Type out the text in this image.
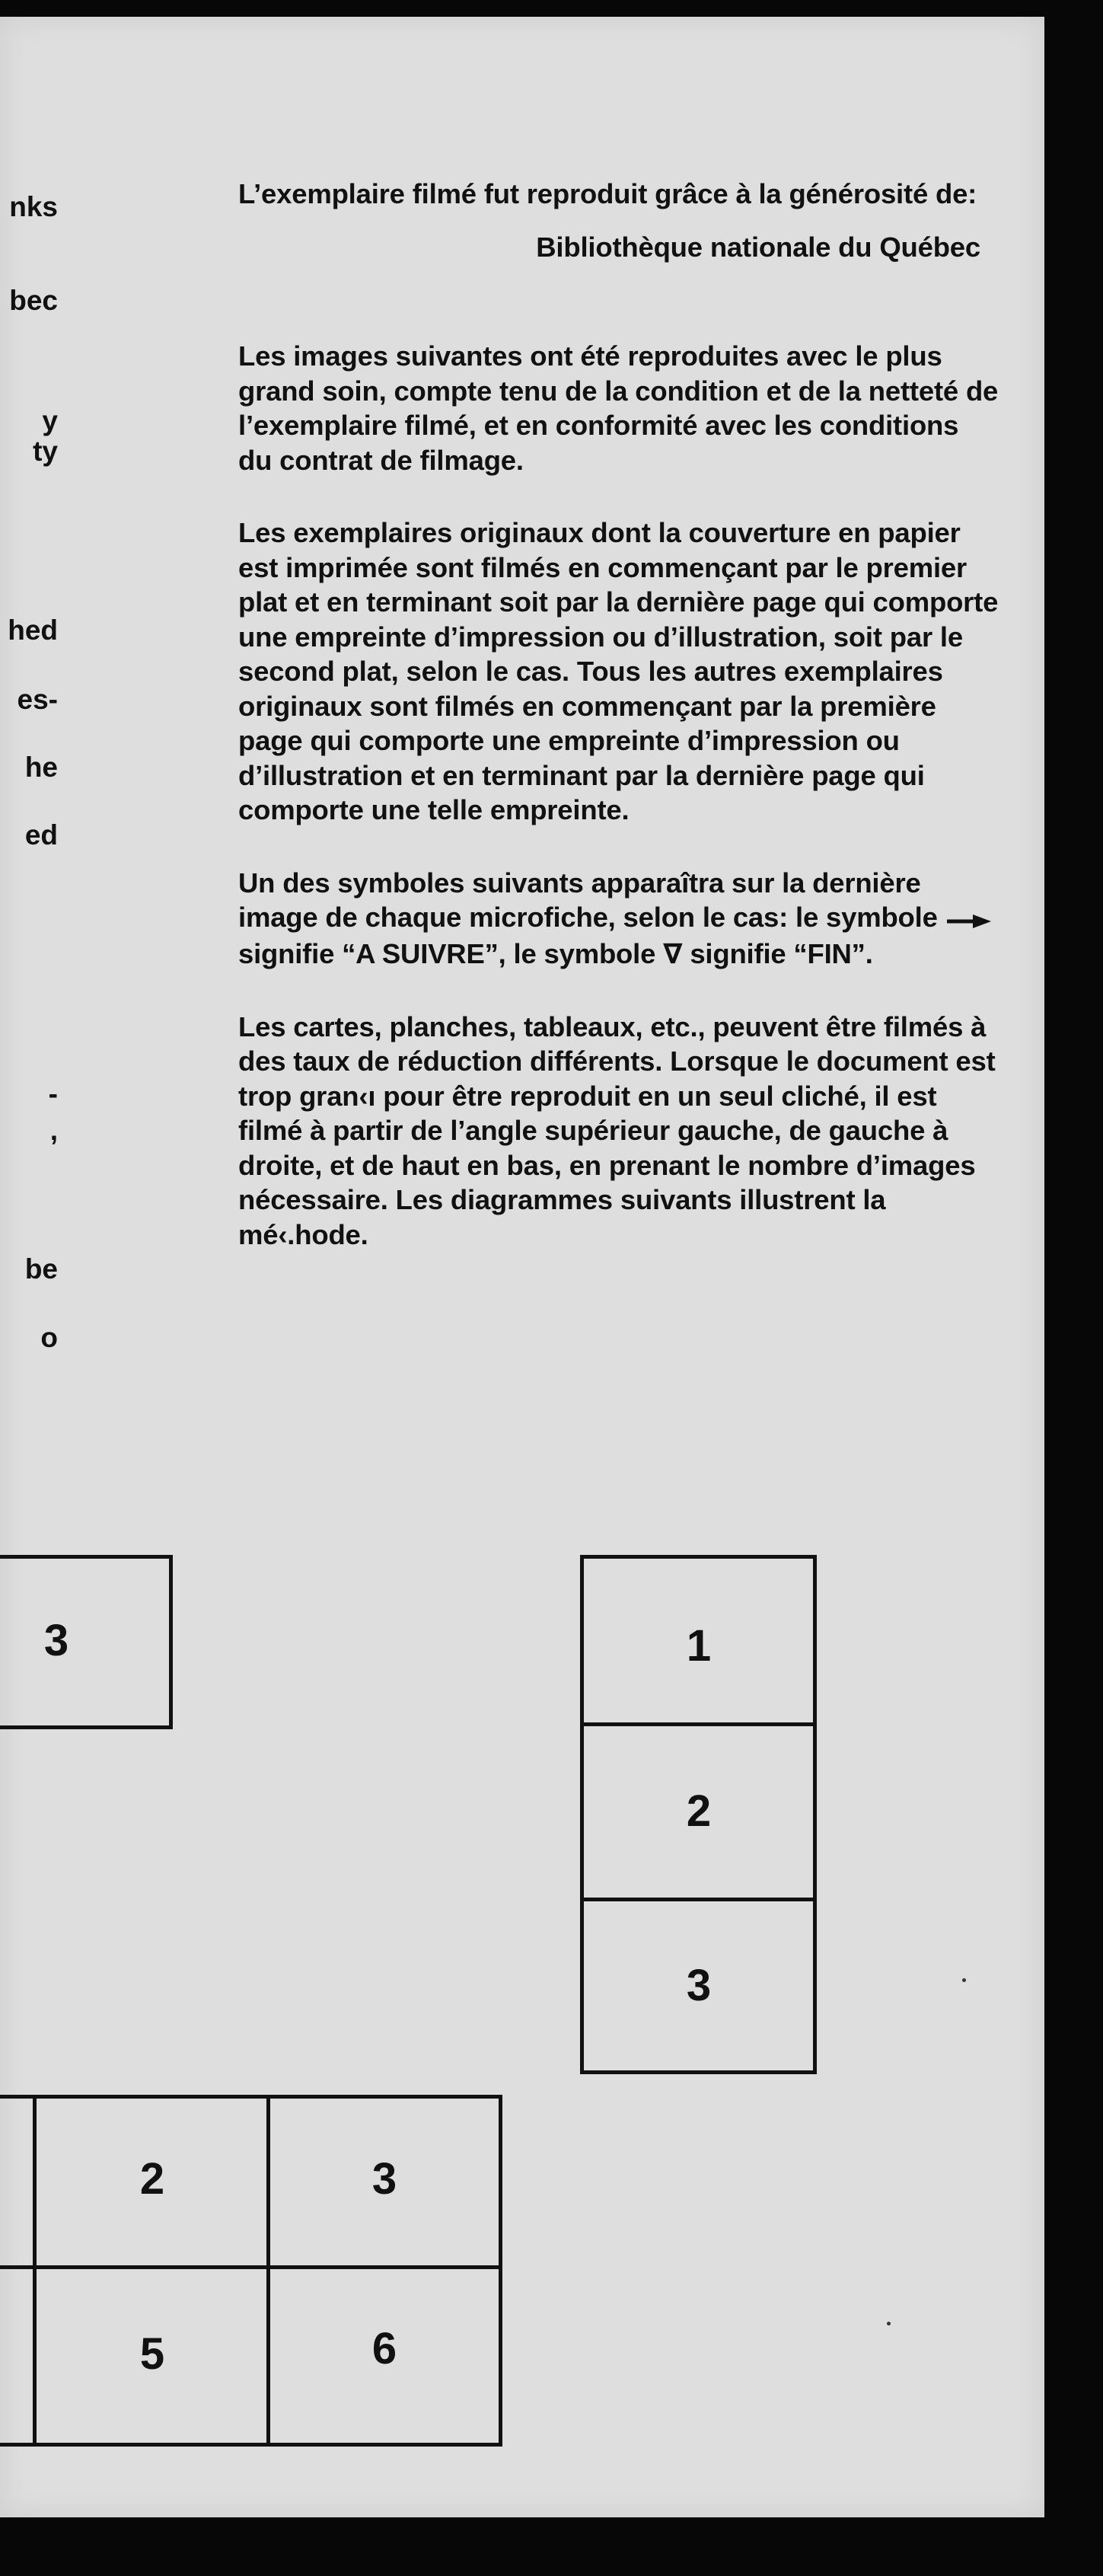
nks
bec
y
ty
hed
es-
he
ed
-
,
be
o

L’exemplaire filmé fut reproduit grâce à la générosité de:

Bibliothèque nationale du Québec

Les images suivantes ont été reproduites avec le plus grand soin, compte tenu de la condition et de la netteté de l’exemplaire filmé, et en conformité avec les conditions du contrat de filmage.

Les exemplaires originaux dont la couverture en papier est imprimée sont filmés en commençant par le premier plat et en terminant soit par la dernière page qui comporte une empreinte d’impression ou d’illustration, soit par le second plat, selon le cas. Tous les autres exemplaires originaux sont filmés en commençant par la première page qui comporte une empreinte d’impression ou d’illustration et en terminant par la dernière page qui comporte une telle empreinte.

Un des symboles suivants apparaîtra sur la dernière image de chaque microfiche, selon le cas: le symbole  signifie “A SUIVRE”, le symbole ∇ signifie “FIN”.

Les cartes, planches, tableaux, etc., peuvent être filmés à des taux de réduction différents. Lorsque le document est trop gran‹ı pour être reproduit en un seul cliché, il est filmé à partir de l’angle supérieur gauche, de gauche à droite, et de haut en bas, en prenant le nombre d’images nécessaire. Les diagrammes suivants illustrent la mé‹.hode.

3	1
2
3
2	3
5	6
